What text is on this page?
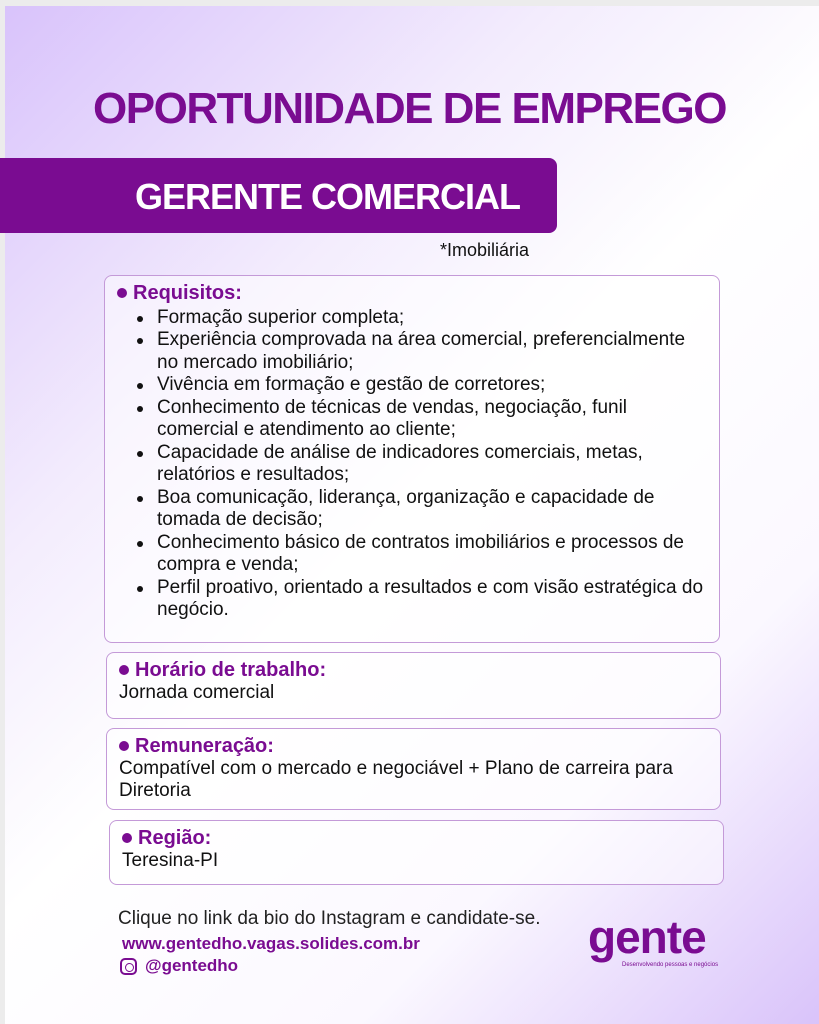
OPORTUNIDADE DE EMPREGO
GERENTE COMERCIAL
*Imobiliária
Requisitos:
Formação superior completa;
Experiência comprovada na área comercial, preferencialmente no mercado imobiliário;
Vivência em formação e gestão de corretores;
Conhecimento de técnicas de vendas, negociação, funil comercial e atendimento ao cliente;
Capacidade de análise de indicadores comerciais, metas, relatórios e resultados;
Boa comunicação, liderança, organização e capacidade de tomada de decisão;
Conhecimento básico de contratos imobiliários e processos de compra e venda;
Perfil proativo, orientado a resultados e com visão estratégica do negócio.
Horário de trabalho:
Jornada comercial
Remuneração:
Compatível com o mercado e negociável + Plano de carreira para Diretoria
Região:
Teresina-PI
Clique no link da bio do Instagram e candidate-se.
www.gentedho.vagas.solides.com.br
@gentedho
gente
Desenvolvendo pessoas e negócios
